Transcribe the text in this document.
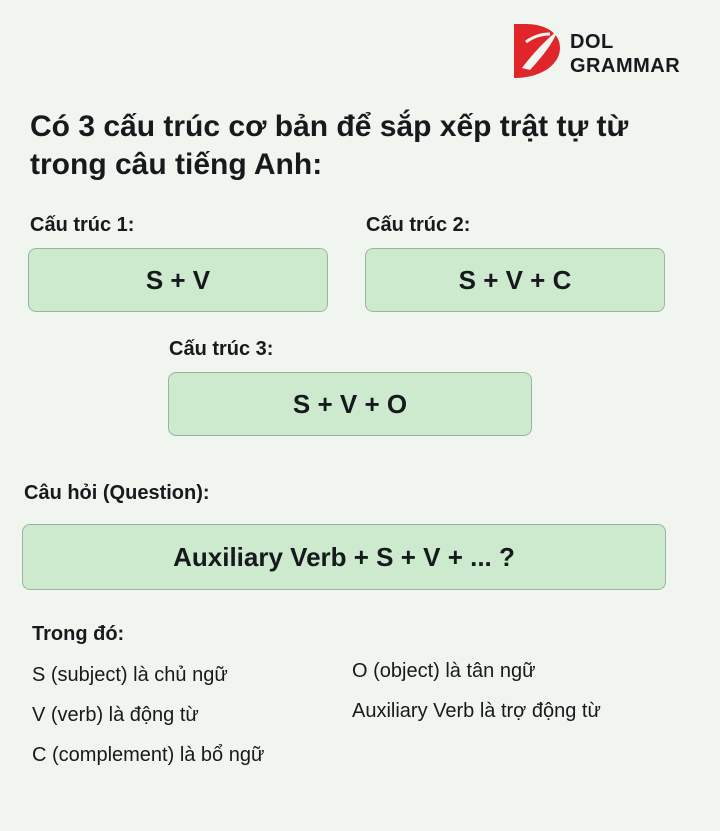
DOL
GRAMMAR
Có 3 cấu trúc cơ bản để sắp xếp trật tự từ trong câu tiếng Anh:
Cấu trúc 1:
S + V
Cấu trúc 2:
S + V + C
Cấu trúc 3:
S + V + O
Câu hỏi (Question):
Auxiliary Verb + S + V + ... ?
Trong đó:
S (subject) là chủ ngữ
V (verb) là động từ
C (complement) là bổ ngữ
O (object) là tân ngữ
Auxiliary Verb là trợ động từ
